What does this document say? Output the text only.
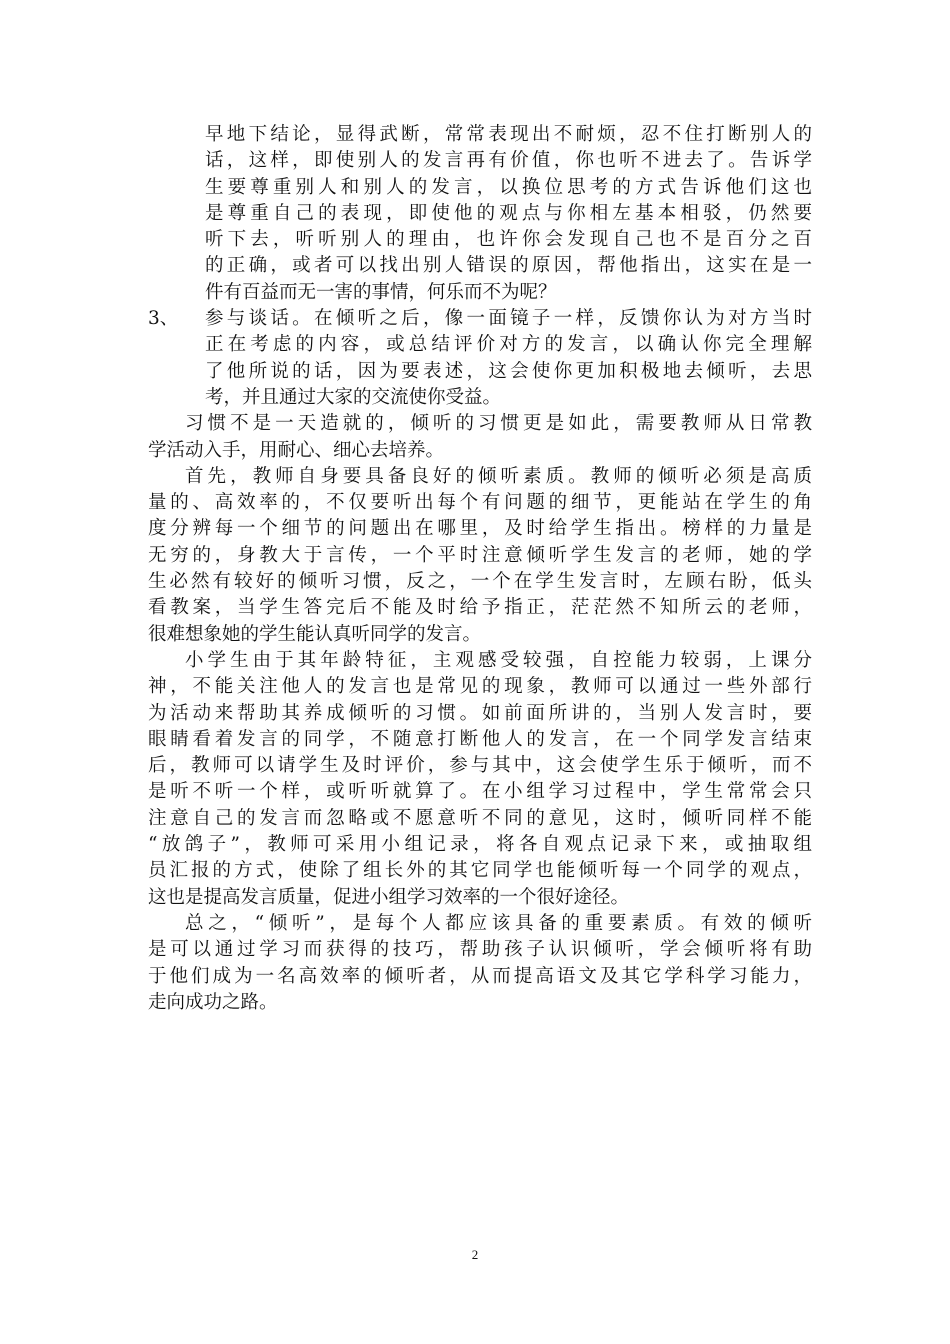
早地下结论，显得武断，常常表现出不耐烦，忍不住打断别人的
话，这样，即使别人的发言再有价值，你也听不进去了。告诉学
生要尊重别人和别人的发言，以换位思考的方式告诉他们这也
是尊重自己的表现，即使他的观点与你相左基本相驳，仍然要
听下去，听听别人的理由，也许你会发现自己也不是百分之百
的正确，或者可以找出别人错误的原因，帮他指出，这实在是一
件有百益而无一害的事情，何乐而不为呢？
3、 参与谈话。在倾听之后，像一面镜子一样，反馈你认为对方当时
正在考虑的内容，或总结评价对方的发言，以确认你完全理解
了他所说的话，因为要表述，这会使你更加积极地去倾听，去思
考，并且通过大家的交流使你受益。
习惯不是一天造就的，倾听的习惯更是如此，需要教师从日常教
学活动入手，用耐心、细心去培养。
首先，教师自身要具备良好的倾听素质。教师的倾听必须是高质
量的、高效率的，不仅要听出每个有问题的细节，更能站在学生的角
度分辨每一个细节的问题出在哪里，及时给学生指出。榜样的力量是
无穷的，身教大于言传，一个平时注意倾听学生发言的老师，她的学
生必然有较好的倾听习惯，反之，一个在学生发言时，左顾右盼，低头
看教案，当学生答完后不能及时给予指正，茫茫然不知所云的老师，
很难想象她的学生能认真听同学的发言。
小学生由于其年龄特征，主观感受较强，自控能力较弱，上课分
神，不能关注他人的发言也是常见的现象，教师可以通过一些外部行
为活动来帮助其养成倾听的习惯。如前面所讲的，当别人发言时，要
眼睛看着发言的同学，不随意打断他人的发言，在一个同学发言结束
后，教师可以请学生及时评价，参与其中，这会使学生乐于倾听，而不
是听不听一个样，或听听就算了。在小组学习过程中，学生常常会只
注意自己的发言而忽略或不愿意听不同的意见，这时，倾听同样不能
“放鸽子”，教师可采用小组记录，将各自观点记录下来，或抽取组
员汇报的方式，使除了组长外的其它同学也能倾听每一个同学的观点，
这也是提高发言质量，促进小组学习效率的一个很好途径。
总之，“倾听”，是每个人都应该具备的重要素质。有效的倾听
是可以通过学习而获得的技巧，帮助孩子认识倾听，学会倾听将有助
于他们成为一名高效率的倾听者，从而提高语文及其它学科学习能力，
走向成功之路。
2
